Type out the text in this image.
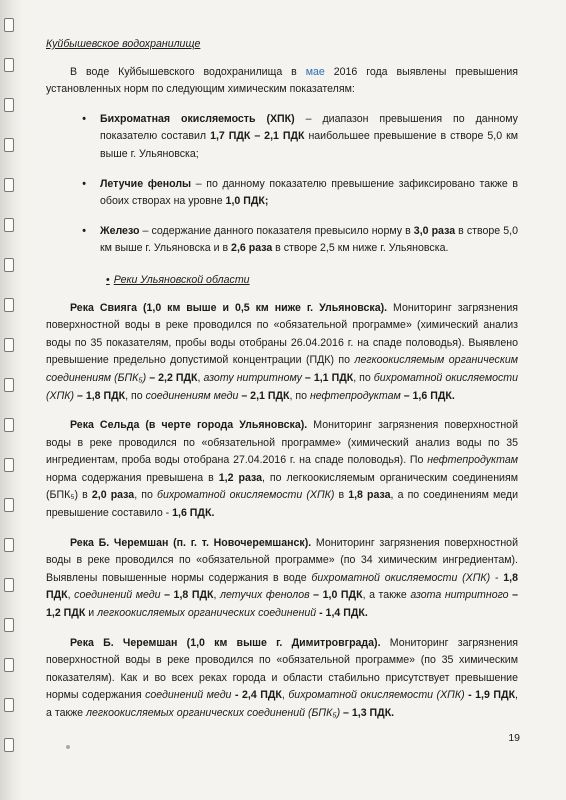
Куйбышевское водохранилище

В воде Куйбышевского водохранилища в мае 2016 года выявлены превышения установленных норм по следующим химическим показателям:

•	Бихроматная окисляемость (ХПК) – диапазон превышения по данному показателю составил 1,7 ПДК – 2,1 ПДК наибольшее превышение в створе 5,0 км выше г. Ульяновска;
•	Летучие фенолы – по данному показателю превышение зафиксировано также в обоих створах на уровне 1,0 ПДК;
•	Железо – содержание данного показателя превысило норму в 3,0 раза в створе 5,0 км выше г. Ульяновска и в 2,6 раза в створе 2,5 км ниже г. Ульяновска.

• Реки Ульяновской области

Река Свияга (1,0 км выше и 0,5 км ниже г. Ульяновска). Мониторинг загрязнения поверхностной воды в реке проводился по «обязательной программе» (химический анализ воды по 35 показателям, пробы воды отобраны 26.04.2016 г. на спаде половодья). Выявлено превышение предельно допустимой концентрации (ПДК) по легкоокисляемым органическим соединениям (БПК₅) – 2,2 ПДК, азоту нитритному – 1,1 ПДК, по бихроматной окисляемости (ХПК) – 1,8 ПДК, по соединениям меди – 2,1 ПДК, по нефтепродуктам – 1,6 ПДК.

Река Сельда (в черте города Ульяновска). Мониторинг загрязнения поверхностной воды в реке проводился по «обязательной программе» (химический анализ воды по 35 ингредиентам, проба воды отобрана 27.04.2016 г. на спаде половодья). По нефтепродуктам норма содержания превышена в 1,2 раза, по легкоокисляемым органическим соединениям (БПК₅) в 2,0 раза, по бихроматной окисляемости (ХПК) в 1,8 раза, а по соединениям меди превышение составило - 1,6 ПДК.

Река Б. Черемшан (п. г. т. Новочеремшанск). Мониторинг загрязнения поверхностной воды в реке проводился по «обязательной программе» (по 34 химическим ингредиентам). Выявлены повышенные нормы содержания в воде бихроматной окисляемости (ХПК) - 1,8 ПДК, соединений меди – 1,8 ПДК, летучих фенолов – 1,0 ПДК, а также азота нитритного – 1,2 ПДК и легкоокисляемых органических соединений - 1,4 ПДК.

Река Б. Черемшан (1,0 км выше г. Димитровграда). Мониторинг загрязнения поверхностной воды в реке проводился по «обязательной программе» (по 35 химическим показателям). Как и во всех реках города и области стабильно присутствует превышение нормы содержания соединений меди - 2,4 ПДК, бихроматной окисляемости (ХПК) - 1,9 ПДК, а также легкоокисляемых органических соединений (БПК₅) – 1,3 ПДК.

19
